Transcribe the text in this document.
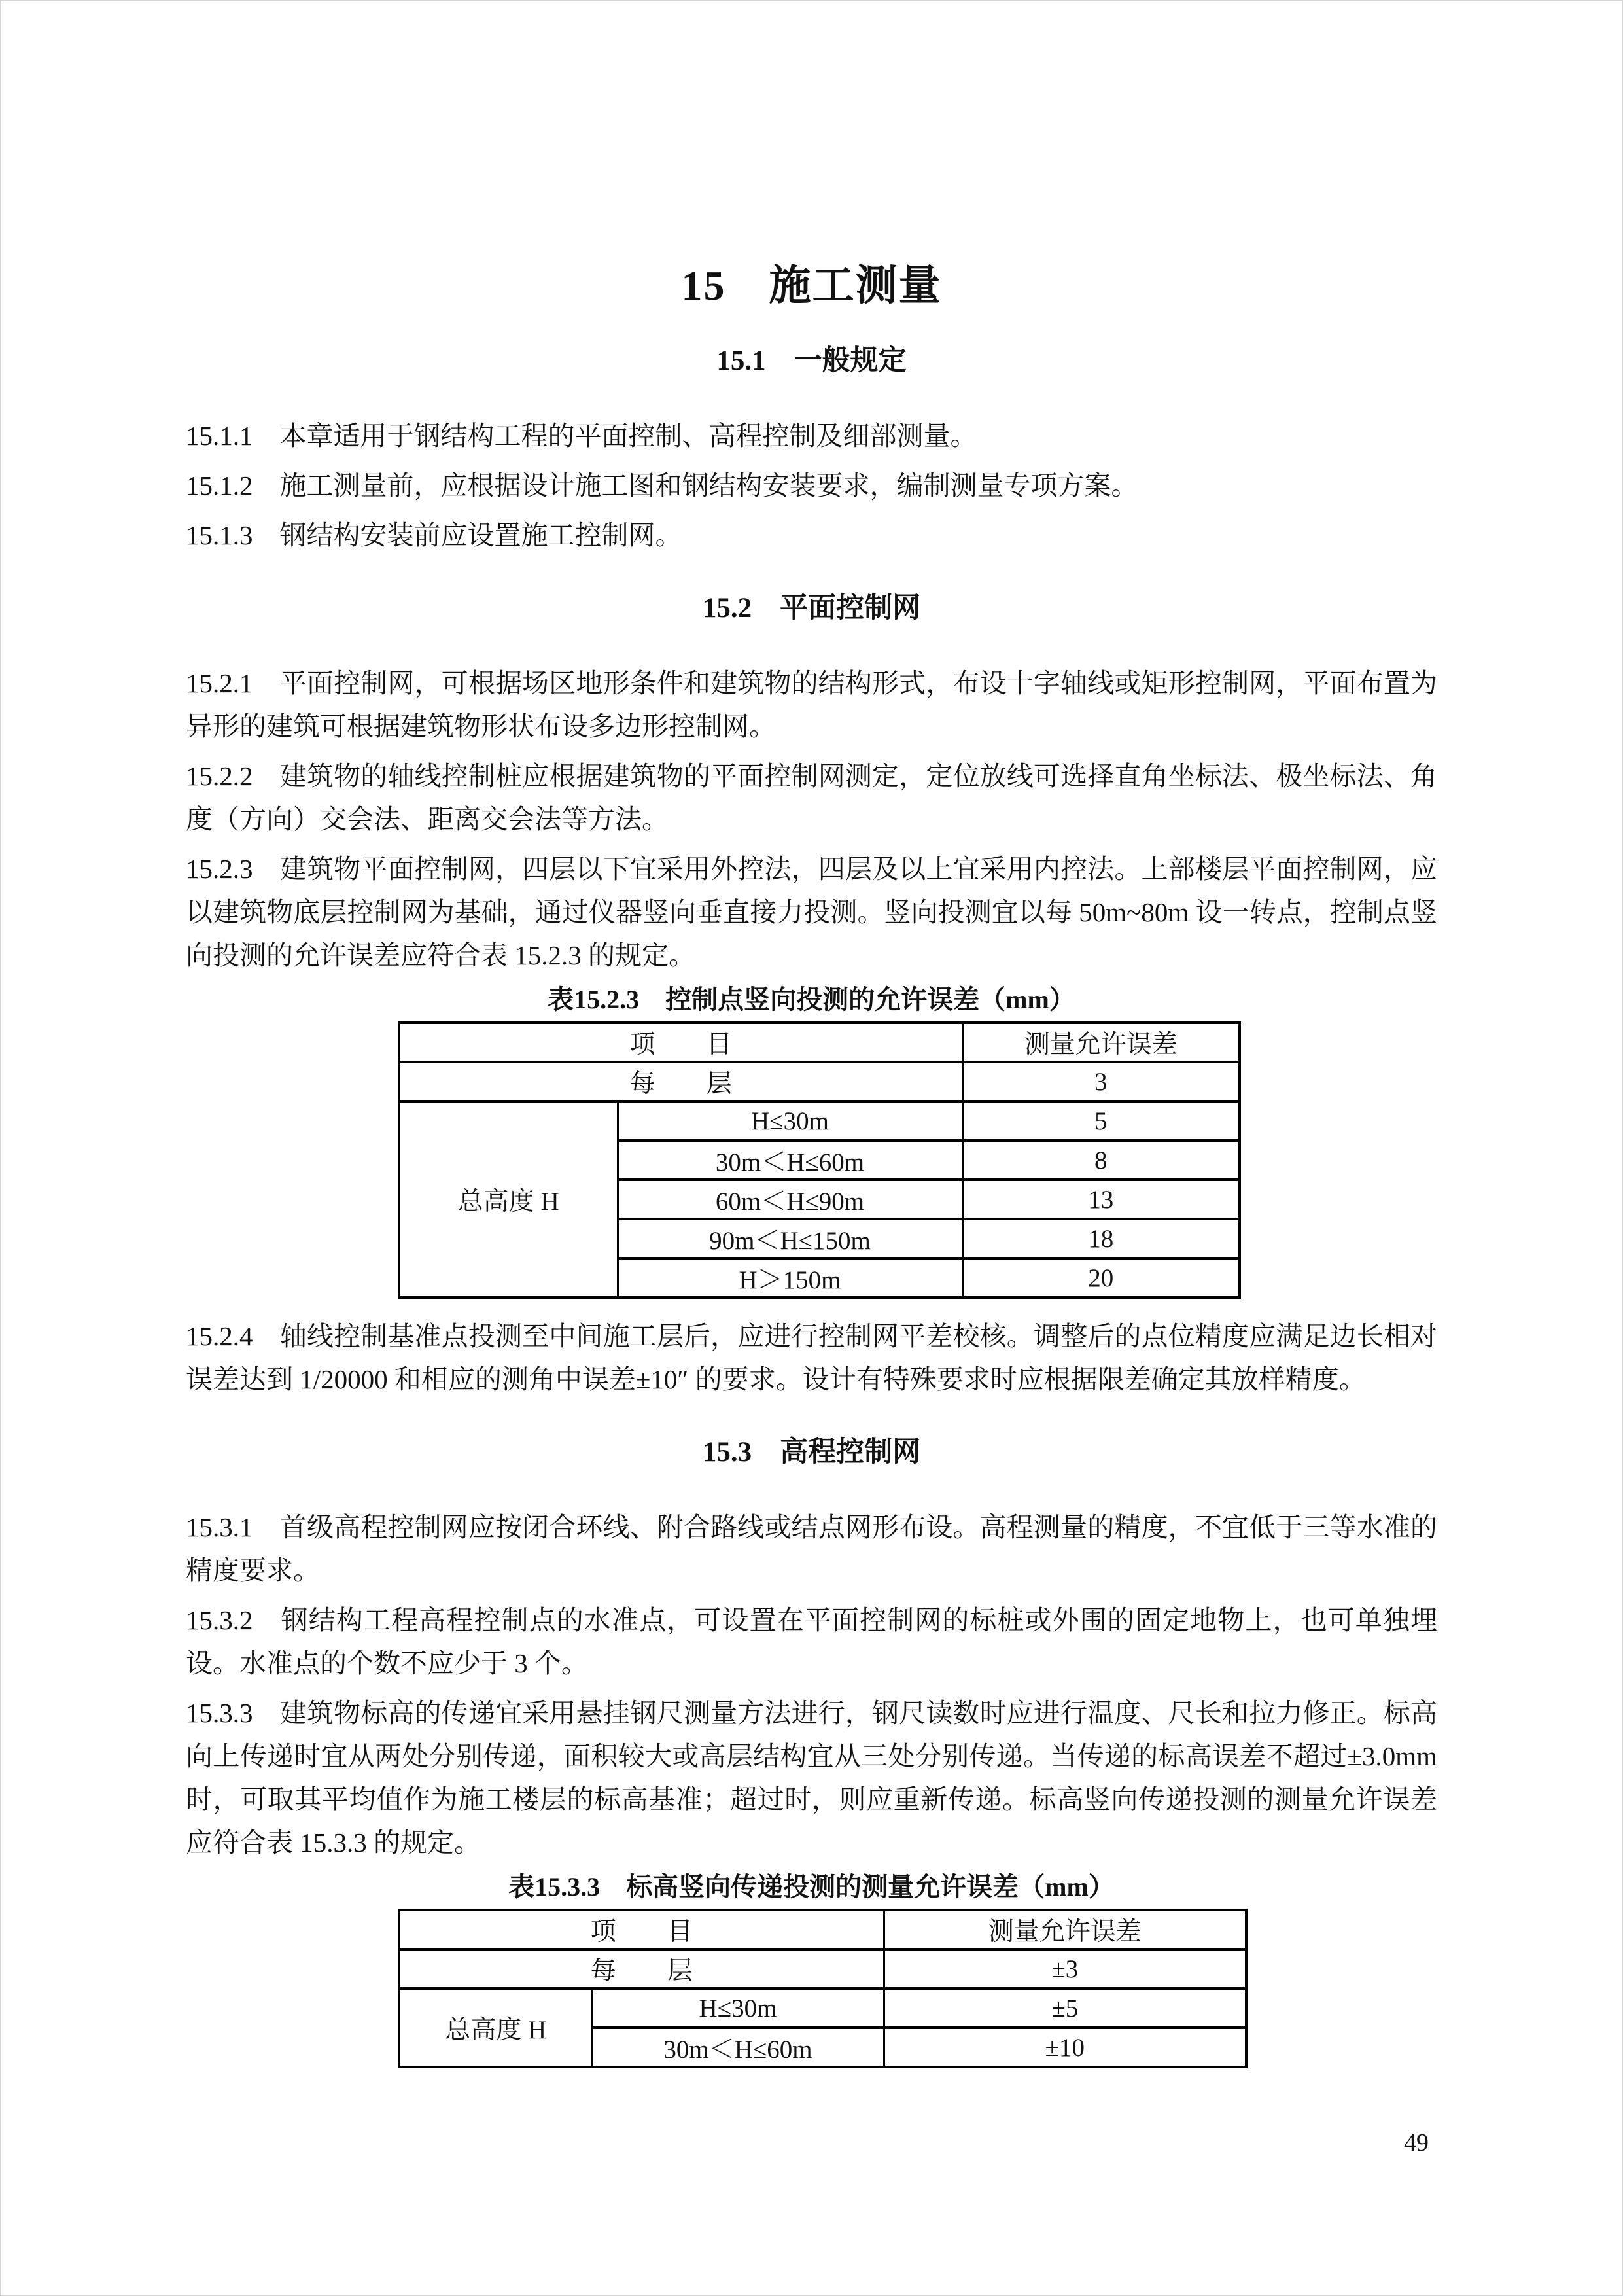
15　施工测量
15.1　一般规定

15.1.1　本章适用于钢结构工程的平面控制、高程控制及细部测量。

15.1.2　施工测量前，应根据设计施工图和钢结构安装要求，编制测量专项方案。

15.1.3　钢结构安装前应设置施工控制网。

15.2　平面控制网

15.2.1　平面控制网，可根据场区地形条件和建筑物的结构形式，布设十字轴线或矩形控制网，平面布置为异形的建筑可根据建筑物形状布设多边形控制网。

15.2.2　建筑物的轴线控制桩应根据建筑物的平面控制网测定，定位放线可选择直角坐标法、极坐标法、角度（方向）交会法、距离交会法等方法。

15.2.3　建筑物平面控制网，四层以下宜采用外控法，四层及以上宜采用内控法。上部楼层平面控制网，应以建筑物底层控制网为基础，通过仪器竖向垂直接力投测。竖向投测宜以每 50m~80m 设一转点，控制点竖向投测的允许误差应符合表 15.2.3 的规定。

表15.2.3　控制点竖向投测的允许误差（mm）
项　　目		测量允许误差
每　　层		3
总高度 H	H≤30m	5
	30m＜H≤60m	8
	60m＜H≤90m	13
	90m＜H≤150m	18
	H＞150m	20

15.2.4　轴线控制基准点投测至中间施工层后，应进行控制网平差校核。调整后的点位精度应满足边长相对误差达到 1/20000 和相应的测角中误差±10″ 的要求。设计有特殊要求时应根据限差确定其放样精度。

15.3　高程控制网

15.3.1　首级高程控制网应按闭合环线、附合路线或结点网形布设。高程测量的精度，不宜低于三等水准的精度要求。

15.3.2　钢结构工程高程控制点的水准点，可设置在平面控制网的标桩或外围的固定地物上，也可单独埋设。水准点的个数不应少于 3 个。

15.3.3　建筑物标高的传递宜采用悬挂钢尺测量方法进行，钢尺读数时应进行温度、尺长和拉力修正。标高向上传递时宜从两处分别传递，面积较大或高层结构宜从三处分别传递。当传递的标高误差不超过±3.0mm 时，可取其平均值作为施工楼层的标高基准；超过时，则应重新传递。标高竖向传递投测的测量允许误差应符合表 15.3.3 的规定。

表15.3.3　标高竖向传递投测的测量允许误差（mm）
项　　目		测量允许误差
每　　层		±3
总高度 H	H≤30m	±5
	30m＜H≤60m	±10
49
